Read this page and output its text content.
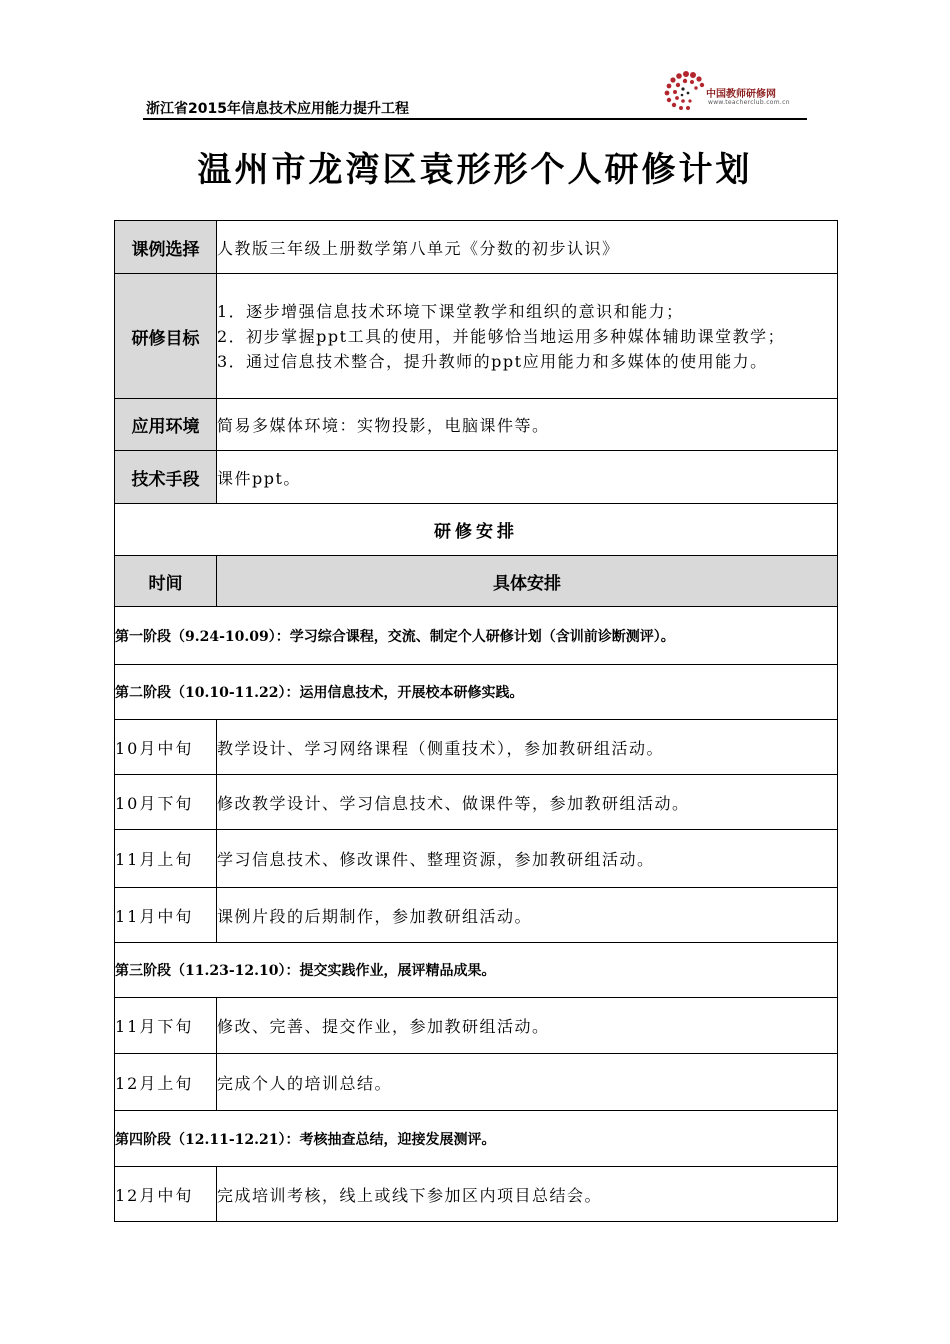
浙江省2015年信息技术应用能力提升工程
中国教师研修网
www.teacherclub.com.cn
温州市龙湾区袁形形个人研修计划
课例选择	人教版三年级上册数学第八单元《分数的初步认识》
研修目标	1．逐步增强信息技术环境下课堂教学和组织的意识和能力；
2．初步掌握ppt工具的使用，并能够恰当地运用多种媒体辅助课堂教学；
3．通过信息技术整合，提升教师的ppt应用能力和多媒体的使用能力。

应用环境	简易多媒体环境：实物投影，电脑课件等。
技术手段	课件ppt。
研修安排	
时间	具体安排
第一阶段（9.24-10.09）：学习综合课程，交流、制定个人研修计划（含训前诊断测评）。	
第二阶段（10.10-11.22）：运用信息技术，开展校本研修实践。	
10月中旬	教学设计、学习网络课程（侧重技术），参加教研组活动。
10月下旬	修改教学设计、学习信息技术、做课件等，参加教研组活动。
11月上旬	学习信息技术、修改课件、整理资源，参加教研组活动。
11月中旬	课例片段的后期制作，参加教研组活动。
第三阶段（11.23-12.10）：提交实践作业，展评精品成果。	
11月下旬	修改、完善、提交作业，参加教研组活动。
12月上旬	完成个人的培训总结。
第四阶段（12.11-12.21）：考核抽查总结，迎接发展测评。	
12月中旬	完成培训考核，线上或线下参加区内项目总结会。
